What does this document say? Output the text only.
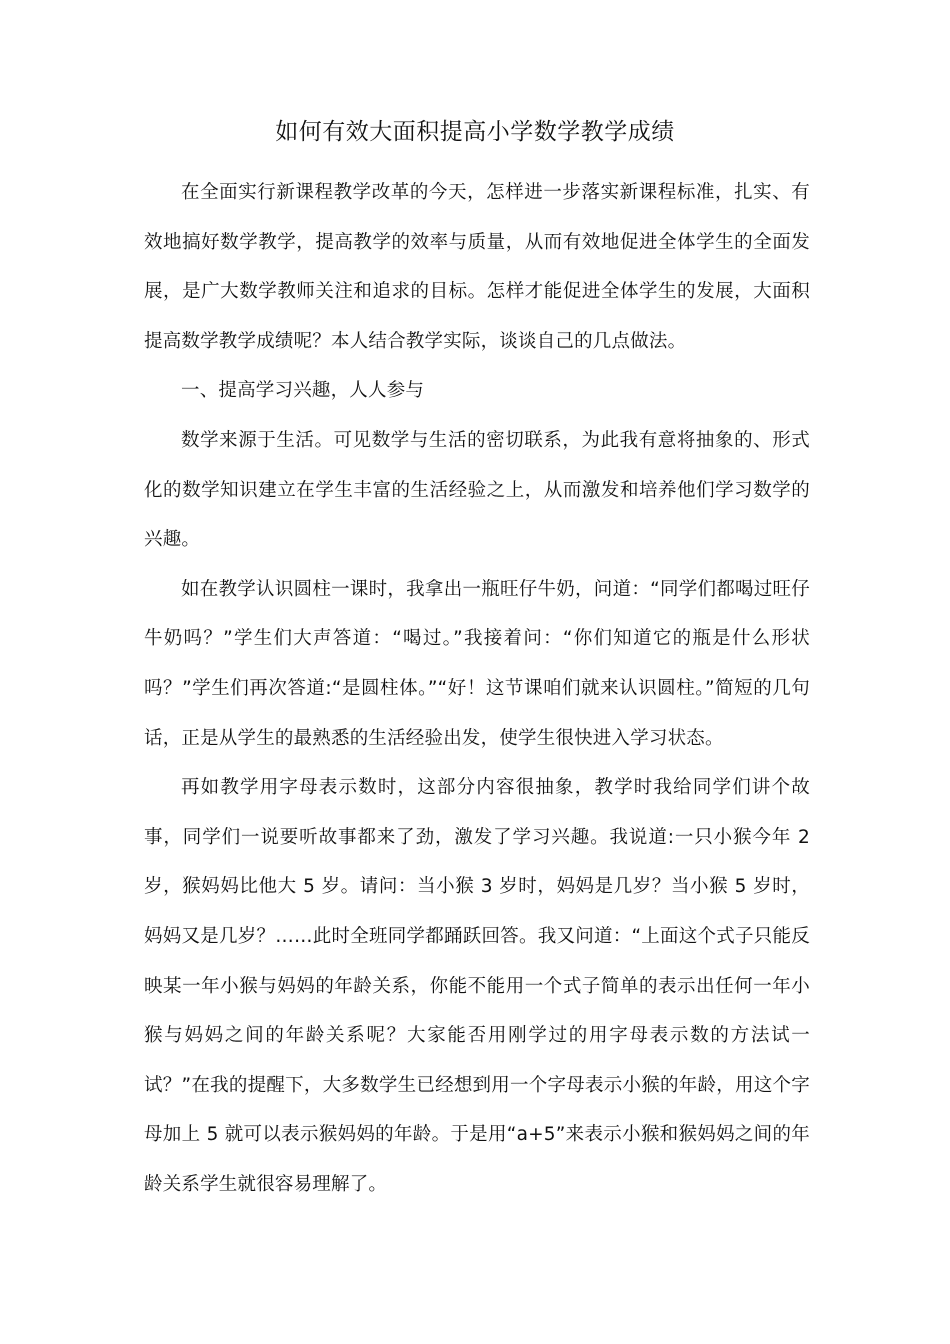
如何有效大面积提高小学数学教学成绩

在全面实行新课程教学改革的今天，怎样进一步落实新课程标准，扎实、有效地搞好数学教学，提高教学的效率与质量，从而有效地促进全体学生的全面发展，是广大数学教师关注和追求的目标。怎样才能促进全体学生的发展，大面积提高数学教学成绩呢？本人结合教学实际，谈谈自己的几点做法。

一、提高学习兴趣，人人参与

数学来源于生活。可见数学与生活的密切联系，为此我有意将抽象的、形式化的数学知识建立在学生丰富的生活经验之上，从而激发和培养他们学习数学的兴趣。

如在教学认识圆柱一课时，我拿出一瓶旺仔牛奶，问道：“同学们都喝过旺仔牛奶吗？”学生们大声答道：“喝过。”我接着问：“你们知道它的瓶是什么形状吗？”学生们再次答道:“是圆柱体。”“好！这节课咱们就来认识圆柱。”简短的几句话，正是从学生的最熟悉的生活经验出发，使学生很快进入学习状态。

再如教学用字母表示数时，这部分内容很抽象，教学时我给同学们讲个故事，同学们一说要听故事都来了劲，激发了学习兴趣。我说道:一只小猴今年 2 岁，猴妈妈比他大 5 岁。请问：当小猴 3 岁时，妈妈是几岁？当小猴 5 岁时，妈妈又是几岁？……此时全班同学都踊跃回答。我又问道：“上面这个式子只能反映某一年小猴与妈妈的年龄关系，你能不能用一个式子简单的表示出任何一年小猴与妈妈之间的年龄关系呢？大家能否用刚学过的用字母表示数的方法试一试？”在我的提醒下，大多数学生已经想到用一个字母表示小猴的年龄，用这个字母加上 5 就可以表示猴妈妈的年龄。于是用“a+5”来表示小猴和猴妈妈之间的年龄关系学生就很容易理解了。
